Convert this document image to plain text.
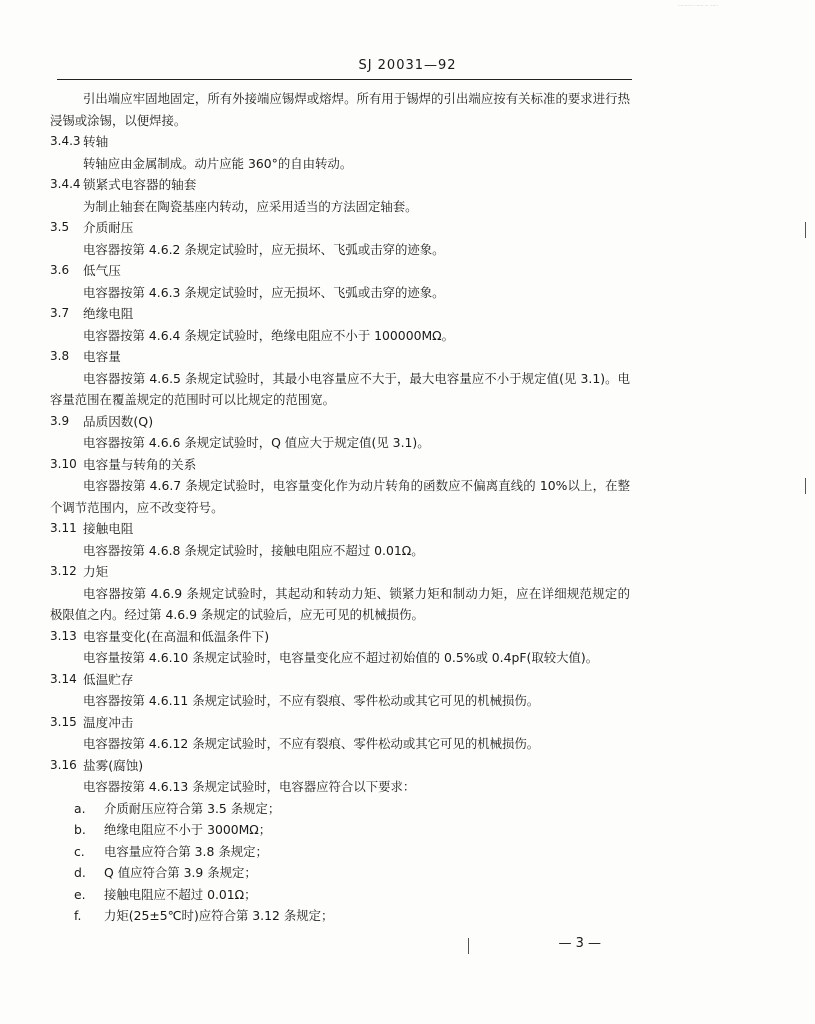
………… …… … ……
SJ 20031—92

引出端应牢固地固定，所有外接端应锡焊或熔焊。所有用于锡焊的引出端应按有关标准的要求进行热浸锡或涂锡，以便焊接。

3.4.3 转轴

转轴应由金属制成。动片应能 360°的自由转动。

3.4.4 锁紧式电容器的轴套

为制止轴套在陶瓷基座内转动，应采用适当的方法固定轴套。

3.5	介质耐压

电容器按第 4.6.2 条规定试验时，应无损坏、飞弧或击穿的迹象。

3.6	低气压

电容器按第 4.6.3 条规定试验时，应无损坏、飞弧或击穿的迹象。

3.7	绝缘电阻

电容器按第 4.6.4 条规定试验时，绝缘电阻应不小于 100000MΩ。

3.8	电容量

电容器按第 4.6.5 条规定试验时，其最小电容量应不大于，最大电容量应不小于规定值(见 3.1)。电容量范围在覆盖规定的范围时可以比规定的范围宽。

3.9	品质因数(Q)

电容器按第 4.6.6 条规定试验时，Q 值应大于规定值(见 3.1)。

3.10 电容量与转角的关系

电容器按第 4.6.7 条规定试验时，电容量变化作为动片转角的函数应不偏离直线的 10%以上，在整个调节范围内，应不改变符号。

3.11 接触电阻

电容器按第 4.6.8 条规定试验时，接触电阻应不超过 0.01Ω。

3.12 力矩

电容器按第 4.6.9 条规定试验时，其起动和转动力矩、锁紧力矩和制动力矩，应在详细规范规定的极限值之内。经过第 4.6.9 条规定的试验后，应无可见的机械损伤。

3.13 电容量变化(在高温和低温条件下)

电容量按第 4.6.10 条规定试验时，电容量变化应不超过初始值的 0.5%或 0.4pF(取较大值)。

3.14 低温贮存

电容器按第 4.6.11 条规定试验时，不应有裂痕、零件松动或其它可见的机械损伤。

3.15 温度冲击

电容器按第 4.6.12 条规定试验时，不应有裂痕、零件松动或其它可见的机械损伤。

3.16 盐雾(腐蚀)

电容器按第 4.6.13 条规定试验时，电容器应符合以下要求：

a.	介质耐压应符合第 3.5 条规定；
b.	绝缘电阻应不小于 3000MΩ；
c.	电容量应符合第 3.8 条规定；
d.	Q 值应符合第 3.9 条规定；
e.	接触电阻应不超过 0.01Ω；
f.	力矩(25±5℃时)应符合第 3.12 条规定；
— 3 —
